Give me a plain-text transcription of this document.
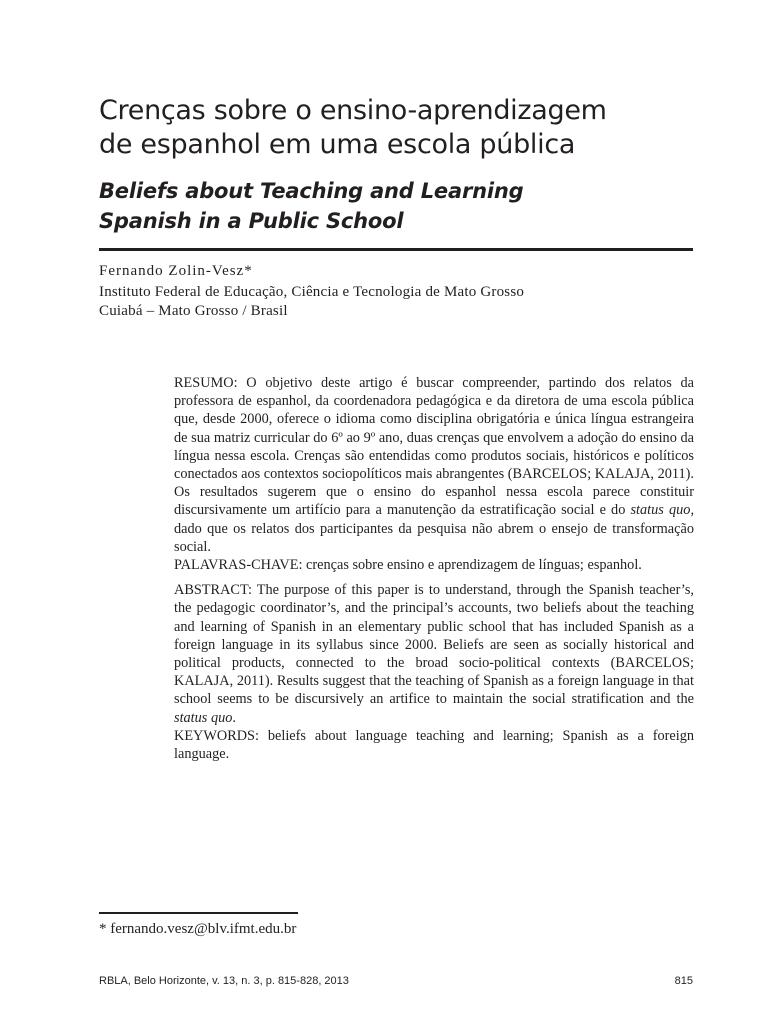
Crenças sobre o ensino-aprendizagem
de espanhol em uma escola pública
Beliefs about Teaching and Learning
Spanish in a Public School
Fernando Zolin-Vesz*
Instituto Federal de Educação, Ciência e Tecnologia de Mato Grosso
Cuiabá – Mato Grosso / Brasil

RESUMO: O objetivo deste artigo é buscar compreender, partindo dos relatos da professora de espanhol, da coordenadora pedagógica e da diretora de uma escola pública que, desde 2000, oferece o idioma como disciplina obrigatória e única língua estrangeira de sua matriz curricular do 6º ao 9º ano, duas crenças que envolvem a adoção do ensino da língua nessa escola. Crenças são entendidas como produtos sociais, históricos e políticos conectados aos contextos sociopolíticos mais abrangentes (BARCELOS; KALAJA, 2011). Os resultados sugerem que o ensino do espanhol nessa escola parece constituir discursivamente um artifício para a manutenção da estratificação social e do status quo, dado que os relatos dos participantes da pesquisa não abrem o ensejo de transformação social.

PALAVRAS-CHAVE: crenças sobre ensino e aprendizagem de línguas; espanhol.

ABSTRACT: The purpose of this paper is to understand, through the Spanish teacher’s, the pedagogic coordinator’s, and the principal’s accounts, two beliefs about the teaching and learning of Spanish in an elementary public school that has included Spanish as a foreign language in its syllabus since 2000. Beliefs are seen as socially historical and political products, connected to the broad socio-political contexts (BARCELOS; KALAJA, 2011). Results suggest that the teaching of Spanish as a foreign language in that school seems to be discursively an artifice to maintain the social stratification and the status quo.

KEYWORDS: beliefs about language teaching and learning; Spanish as a foreign language.

* fernando.vesz@blv.ifmt.edu.br
RBLA, Belo Horizonte, v. 13, n. 3, p. 815-828, 2013	815
